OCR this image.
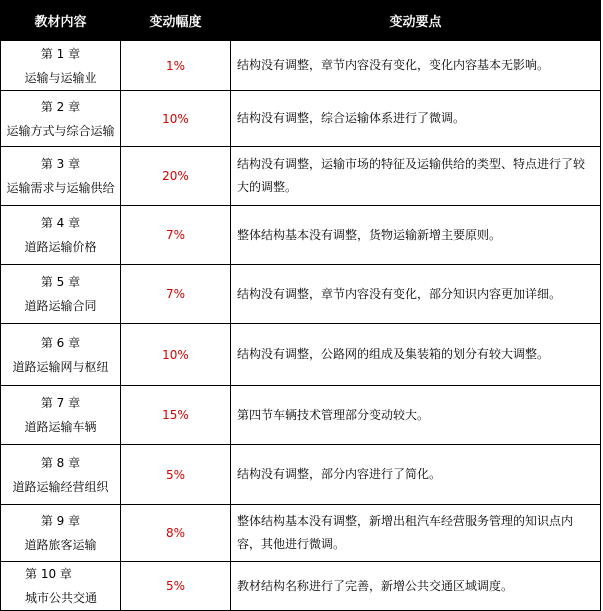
教材内容	变动幅度	变动要点

第 1 章
运输与运输业	1%	结构没有调整，章节内容没有变化，变化内容基本无影响。

第 2 章
运输方式与综合运输	10%	结构没有调整，综合运输体系进行了微调。

第 3 章
运输需求与运输供给	20%	结构没有调整，运输市场的特征及运输供给的类型、特点进行了较大的调整。

第 4 章
道路运输价格	7%	整体结构基本没有调整，货物运输新增主要原则。

第 5 章
道路运输合同	7%	结构没有调整，章节内容没有变化，部分知识内容更加详细。

第 6 章
道路运输网与枢纽	10%	结构没有调整，公路网的组成及集装箱的划分有较大调整。

第 7 章
道路运输车辆	15%	第四节车辆技术管理部分变动较大。

第 8 章
道路运输经营组织	5%	结构没有调整，部分内容进行了简化。

第 9 章
道路旅客运输	8%	整体结构基本没有调整，新增出租汽车经营服务管理的知识点内容，其他进行微调。

第 10 章
城市公共交通	5%	教材结构名称进行了完善，新增公共交通区域调度。
